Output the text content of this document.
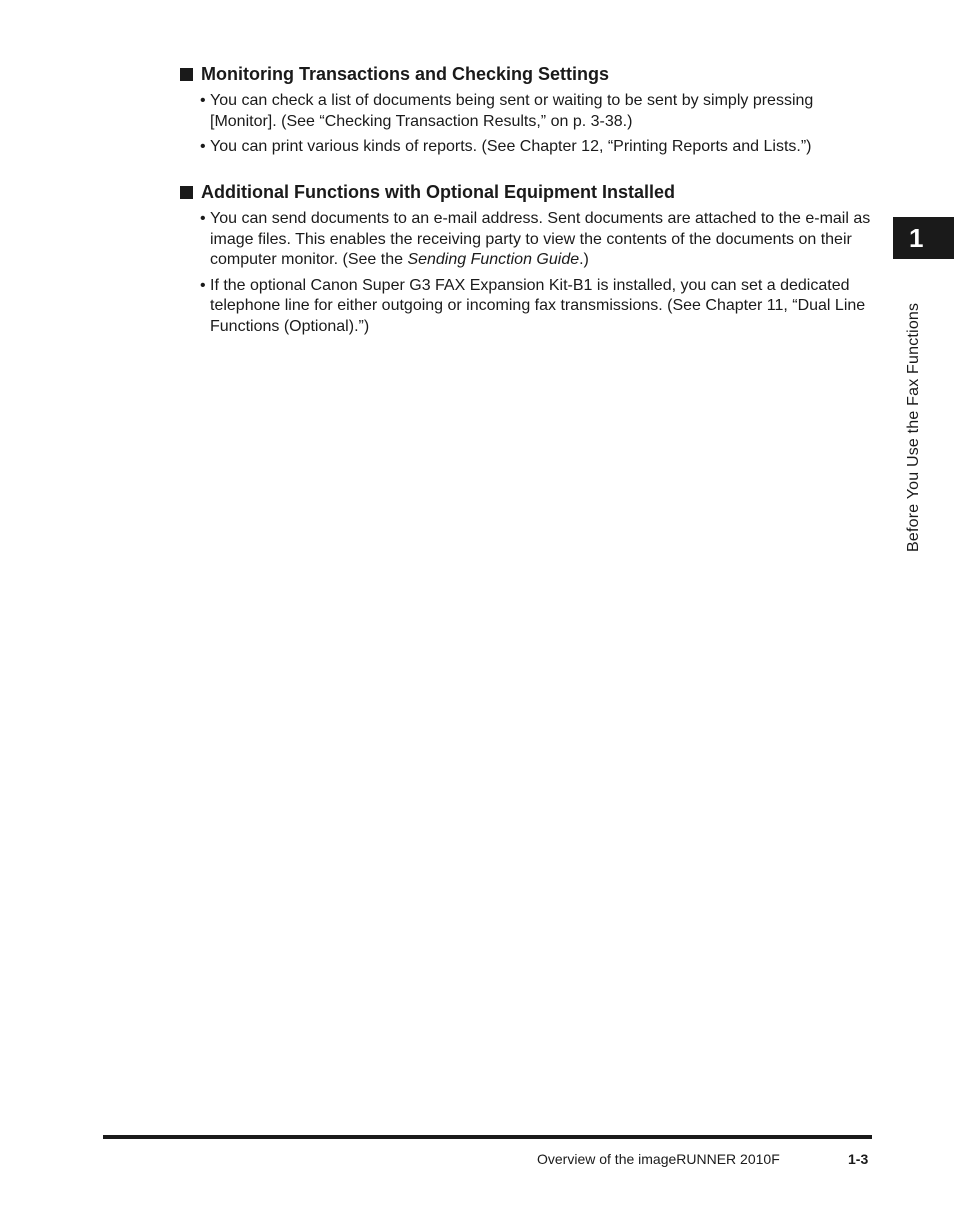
Monitoring Transactions and Checking Settings
• You can check a list of documents being sent or waiting to be sent by simply pressing [Monitor]. (See “Checking Transaction Results,” on p. 3-38.)
• You can print various kinds of reports. (See Chapter 12, “Printing Reports and Lists.”)
Additional Functions with Optional Equipment Installed
• You can send documents to an e-mail address. Sent documents are attached to the e-mail as image files. This enables the receiving party to view the contents of the documents on their computer monitor. (See the Sending Function Guide.)
• If the optional Canon Super G3 FAX Expansion Kit-B1 is installed, you can set a dedicated telephone line for either outgoing or incoming fax transmissions. (See Chapter 11, “Dual Line Functions (Optional).”)
1
Before You Use the Fax Functions
Overview of the imageRUNNER 2010F	1-3
